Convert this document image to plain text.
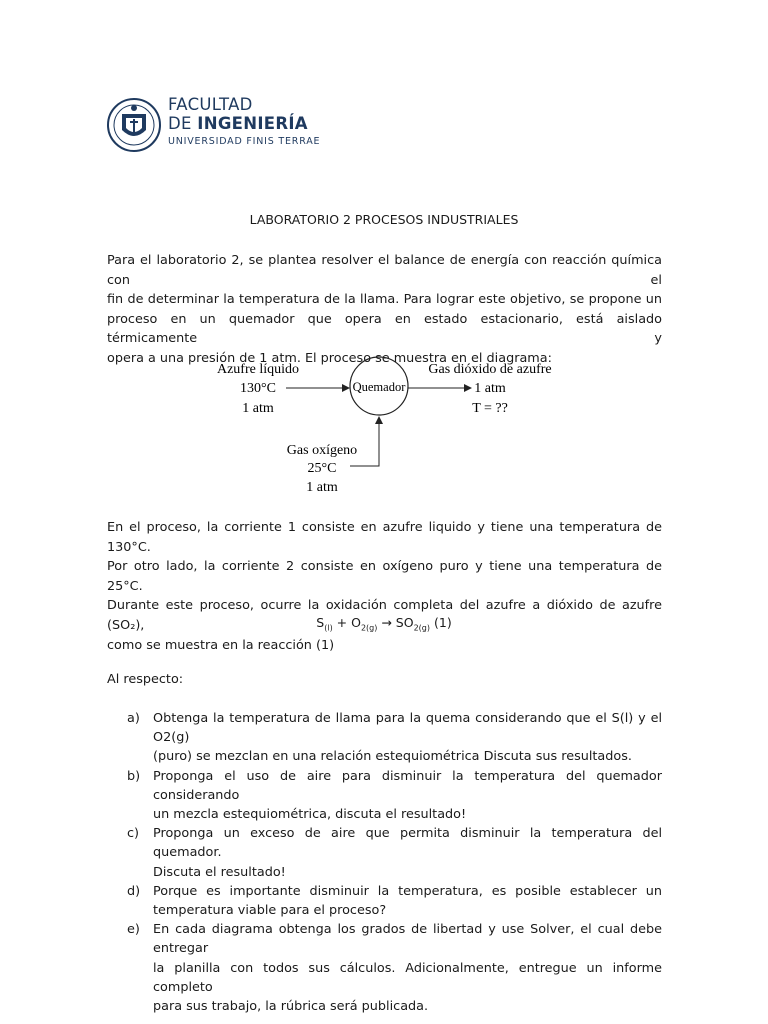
FACULTAD
DE INGENIERÍA
UNIVERSIDAD FINIS TERRAE
LABORATORIO 2 PROCESOS INDUSTRIALES
Para el laboratorio 2, se plantea resolver el balance de energía con reacción química con el
fin de determinar la temperatura de la llama. Para lograr este objetivo, se propone un
proceso en un quemador que opera en estado estacionario, está aislado térmicamente y
opera a una presión de 1 atm. El proceso se muestra en el diagrama:
Azufre líquido
130°C
1 atm
Quemador
Gas dióxido de azufre
1 atm
T = ??
Gas oxígeno
25°C
1 atm
En el proceso, la corriente 1 consiste en azufre liquido y tiene una temperatura de 130°C.
Por otro lado, la corriente 2 consiste en oxígeno puro y tiene una temperatura de 25°C.
Durante este proceso, ocurre la oxidación completa del azufre a dióxido de azufre (SO₂),
como se muestra en la reacción (1)
$S_{(l)} + O_{2(g)} \to SO_{2(g)}$ (1)
Al respecto:
a) Obtenga la temperatura de llama para la quema considerando que el S(l) y el O2(g)
(puro) se mezclan en una relación estequiométrica Discuta sus resultados.
b) Proponga el uso de aire para disminuir la temperatura del quemador considerando
un mezcla estequiométrica, discuta el resultado!
c) Proponga un exceso de aire que permita disminuir la temperatura del quemador.
Discuta el resultado!
d) Porque es importante disminuir la temperatura, es posible establecer un
temperatura viable para el proceso?
e) En cada diagrama obtenga los grados de libertad y use Solver, el cual debe entregar
la planilla con todos sus cálculos. Adicionalmente, entregue un informe completo
para sus trabajo, la rúbrica será publicada.
